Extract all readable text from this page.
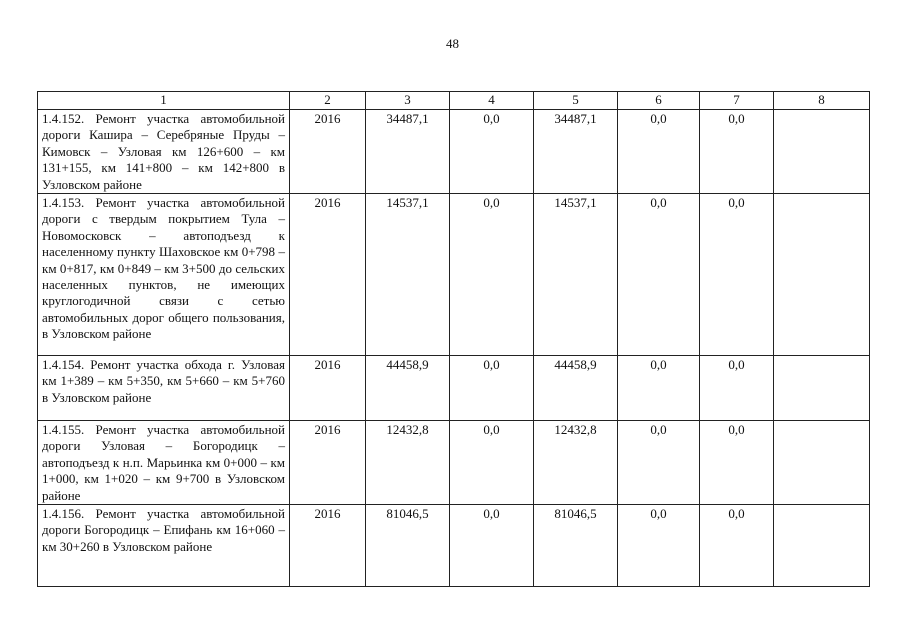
48
1	2	3	4	5	6	7	8
1.4.152. Ремонт участка автомобильной дороги Кашира – Серебряные Пруды – Кимовск – Узловая км 126+600 – км 131+155, км 141+800 – км 142+800 в Узловском районе	2016	34487,1	0,0	34487,1	0,0	0,0	
1.4.153. Ремонт участка автомобильной дороги с твердым покрытием Тула – Новомосковск – автоподъезд к населенному пункту Шаховское км 0+798 – км 0+817, км 0+849 – км 3+500 до сельских населенных пунктов, не имеющих круглогодичной связи с сетью автомобильных дорог общего пользования, в Узловском районе	2016	14537,1	0,0	14537,1	0,0	0,0	
1.4.154. Ремонт участка обхода г. Узловая км 1+389 – км 5+350, км 5+660 – км 5+760 в Узловском районе	2016	44458,9	0,0	44458,9	0,0	0,0	
1.4.155. Ремонт участка автомобильной дороги Узловая – Богородицк – автоподъезд к н.п. Марьинка км 0+000 – км 1+000, км 1+020 – км 9+700 в Узловском районе	2016	12432,8	0,0	12432,8	0,0	0,0	
1.4.156. Ремонт участка автомобильной дороги Богородицк – Епифань км 16+060 – км 30+260 в Узловском районе	2016	81046,5	0,0	81046,5	0,0	0,0	
